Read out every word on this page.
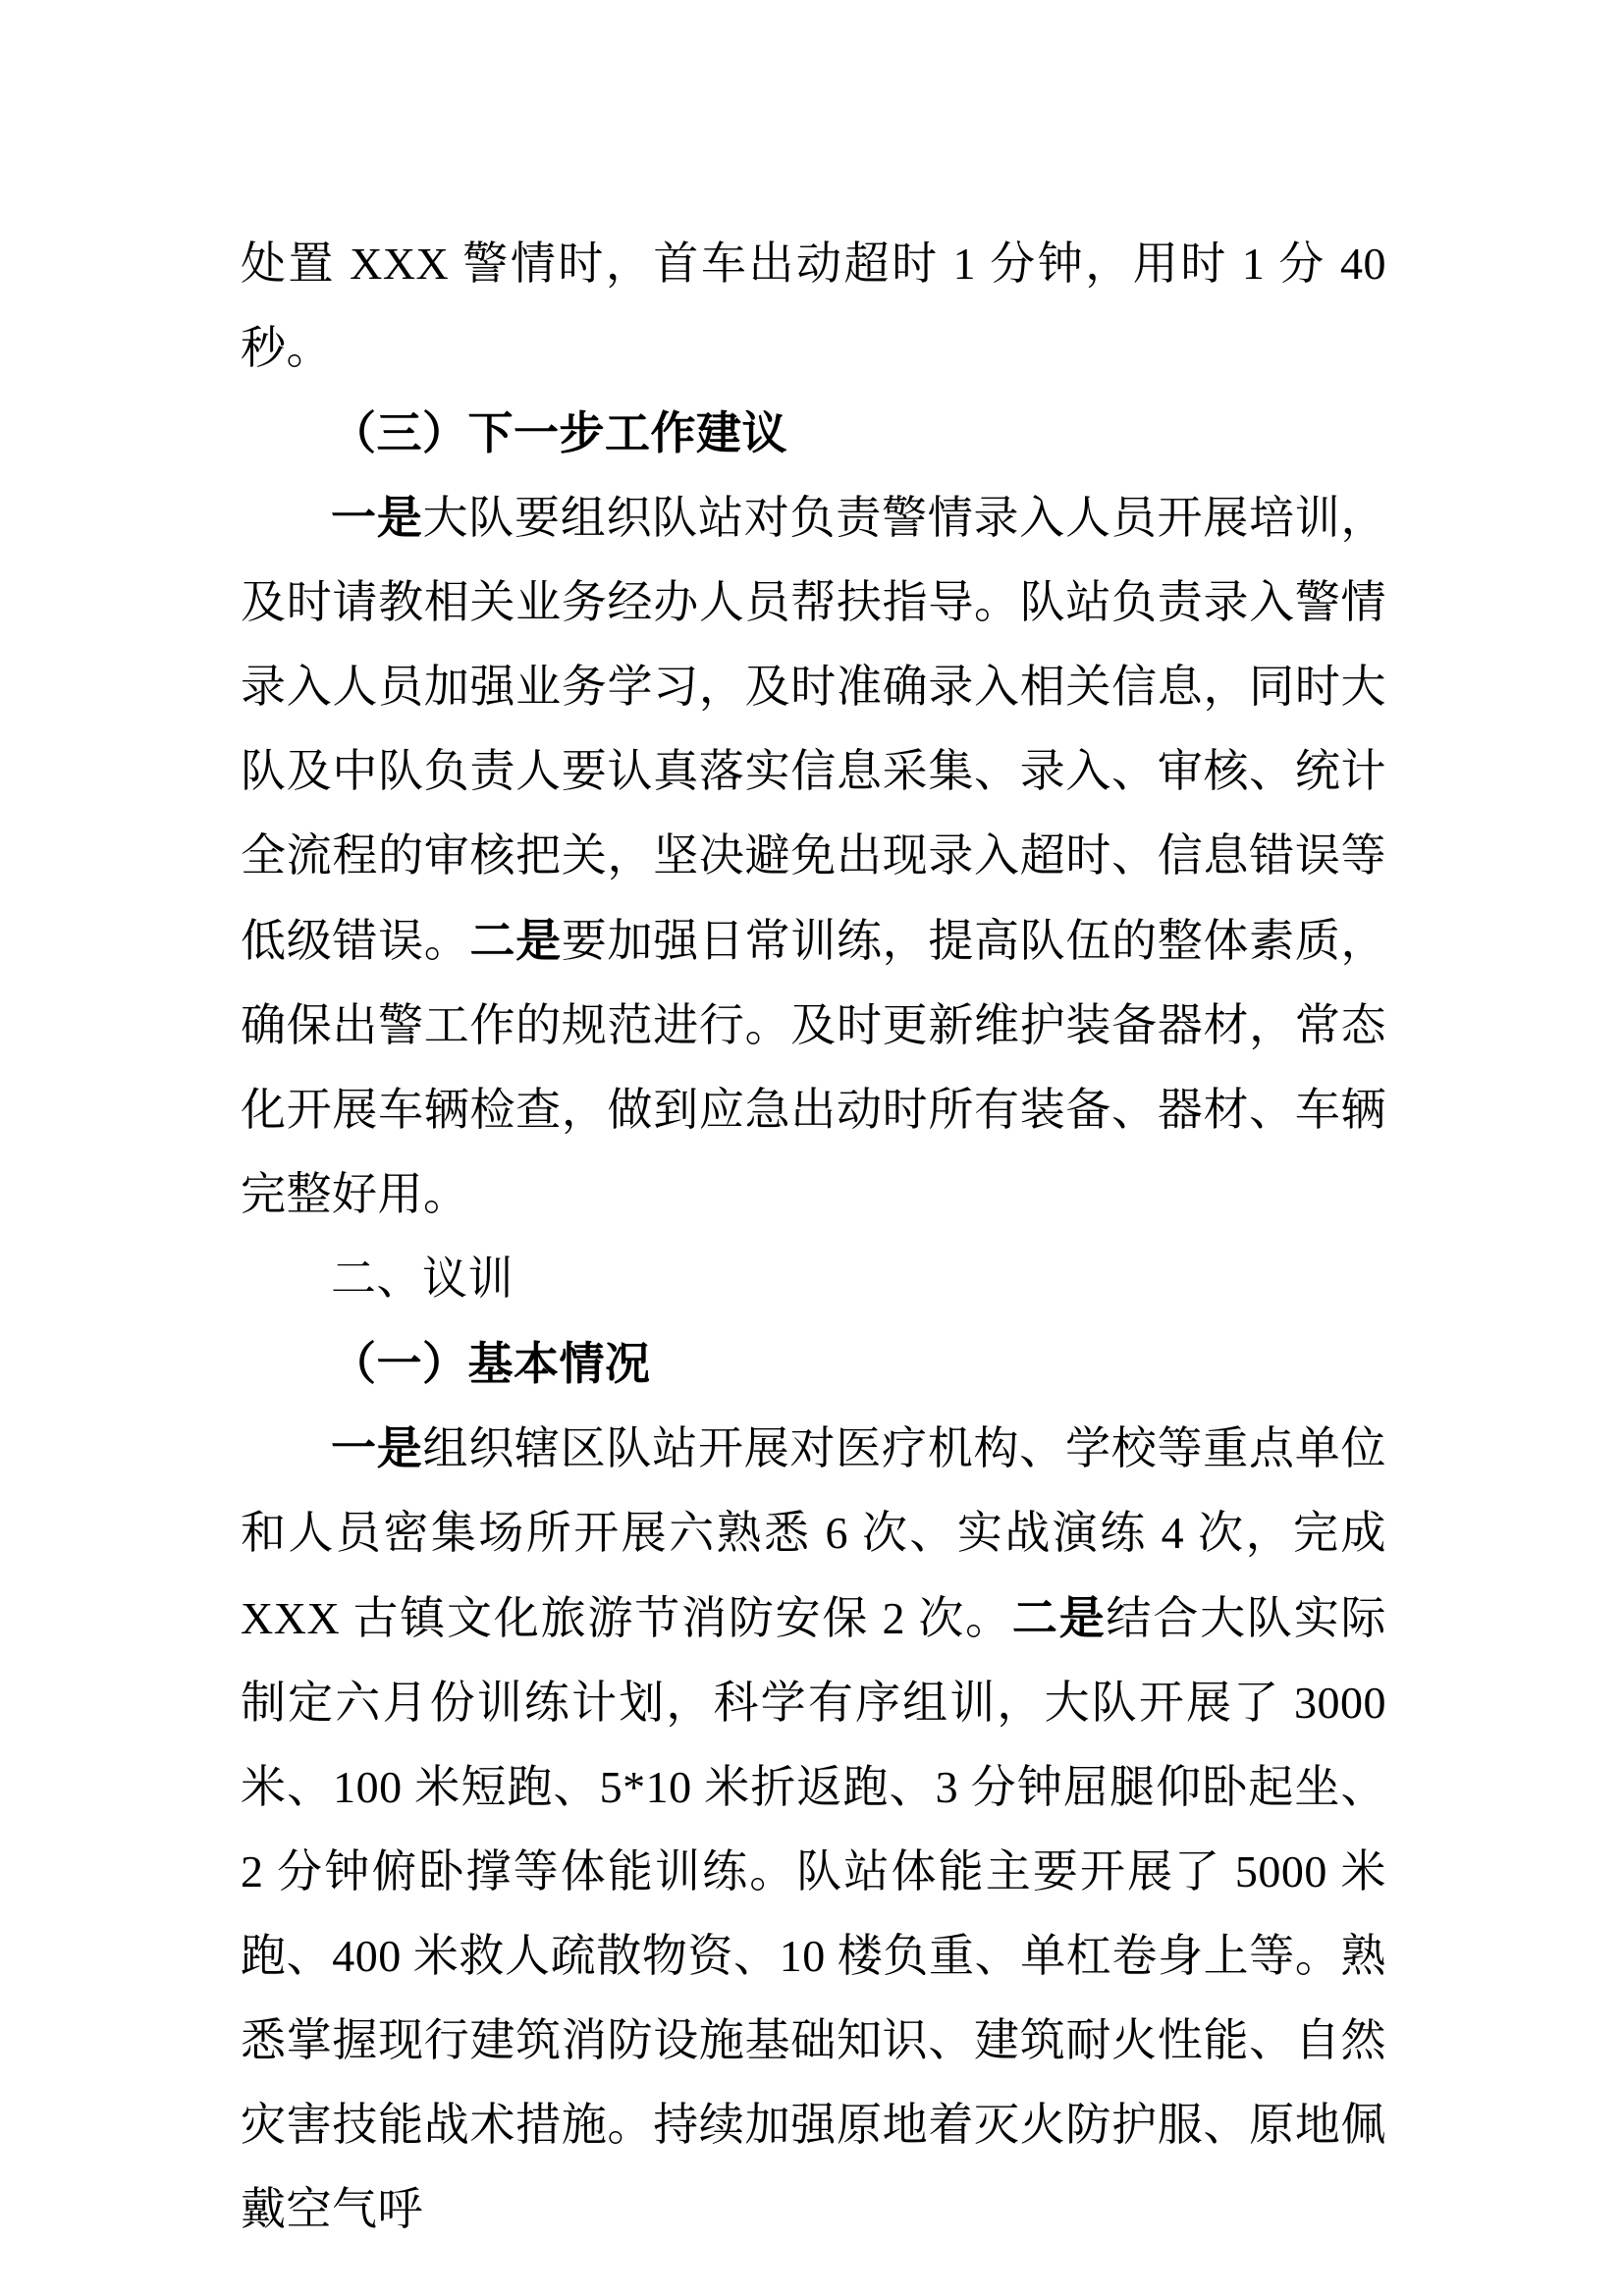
处置 XXX 警情时，首车出动超时 1 分钟，用时 1 分 40 秒。

（三）下一步工作建议

一是大队要组织队站对负责警情录入人员开展培训，及时请教相关业务经办人员帮扶指导。队站负责录入警情录入人员加强业务学习，及时准确录入相关信息，同时大队及中队负责人要认真落实信息采集、录入、审核、统计全流程的审核把关，坚决避免出现录入超时、信息错误等低级错误。二是要加强日常训练，提高队伍的整体素质，确保出警工作的规范进行。及时更新维护装备器材，常态化开展车辆检查，做到应急出动时所有装备、器材、车辆完整好用。

二、议训

（一）基本情况

一是组织辖区队站开展对医疗机构、学校等重点单位和人员密集场所开展六熟悉 6 次、实战演练 4 次，完成 XXX 古镇文化旅游节消防安保 2 次。二是结合大队实际制定六月份训练计划，科学有序组训，大队开展了 3000 米、100 米短跑、5*10 米折返跑、3 分钟屈腿仰卧起坐、2 分钟俯卧撑等体能训练。队站体能主要开展了 5000 米跑、400 米救人疏散物资、10 楼负重、单杠卷身上等。熟悉掌握现行建筑消防设施基础知识、建筑耐火性能、自然灾害技能战术措施。持续加强原地着灭火防护服、原地佩戴空气呼
